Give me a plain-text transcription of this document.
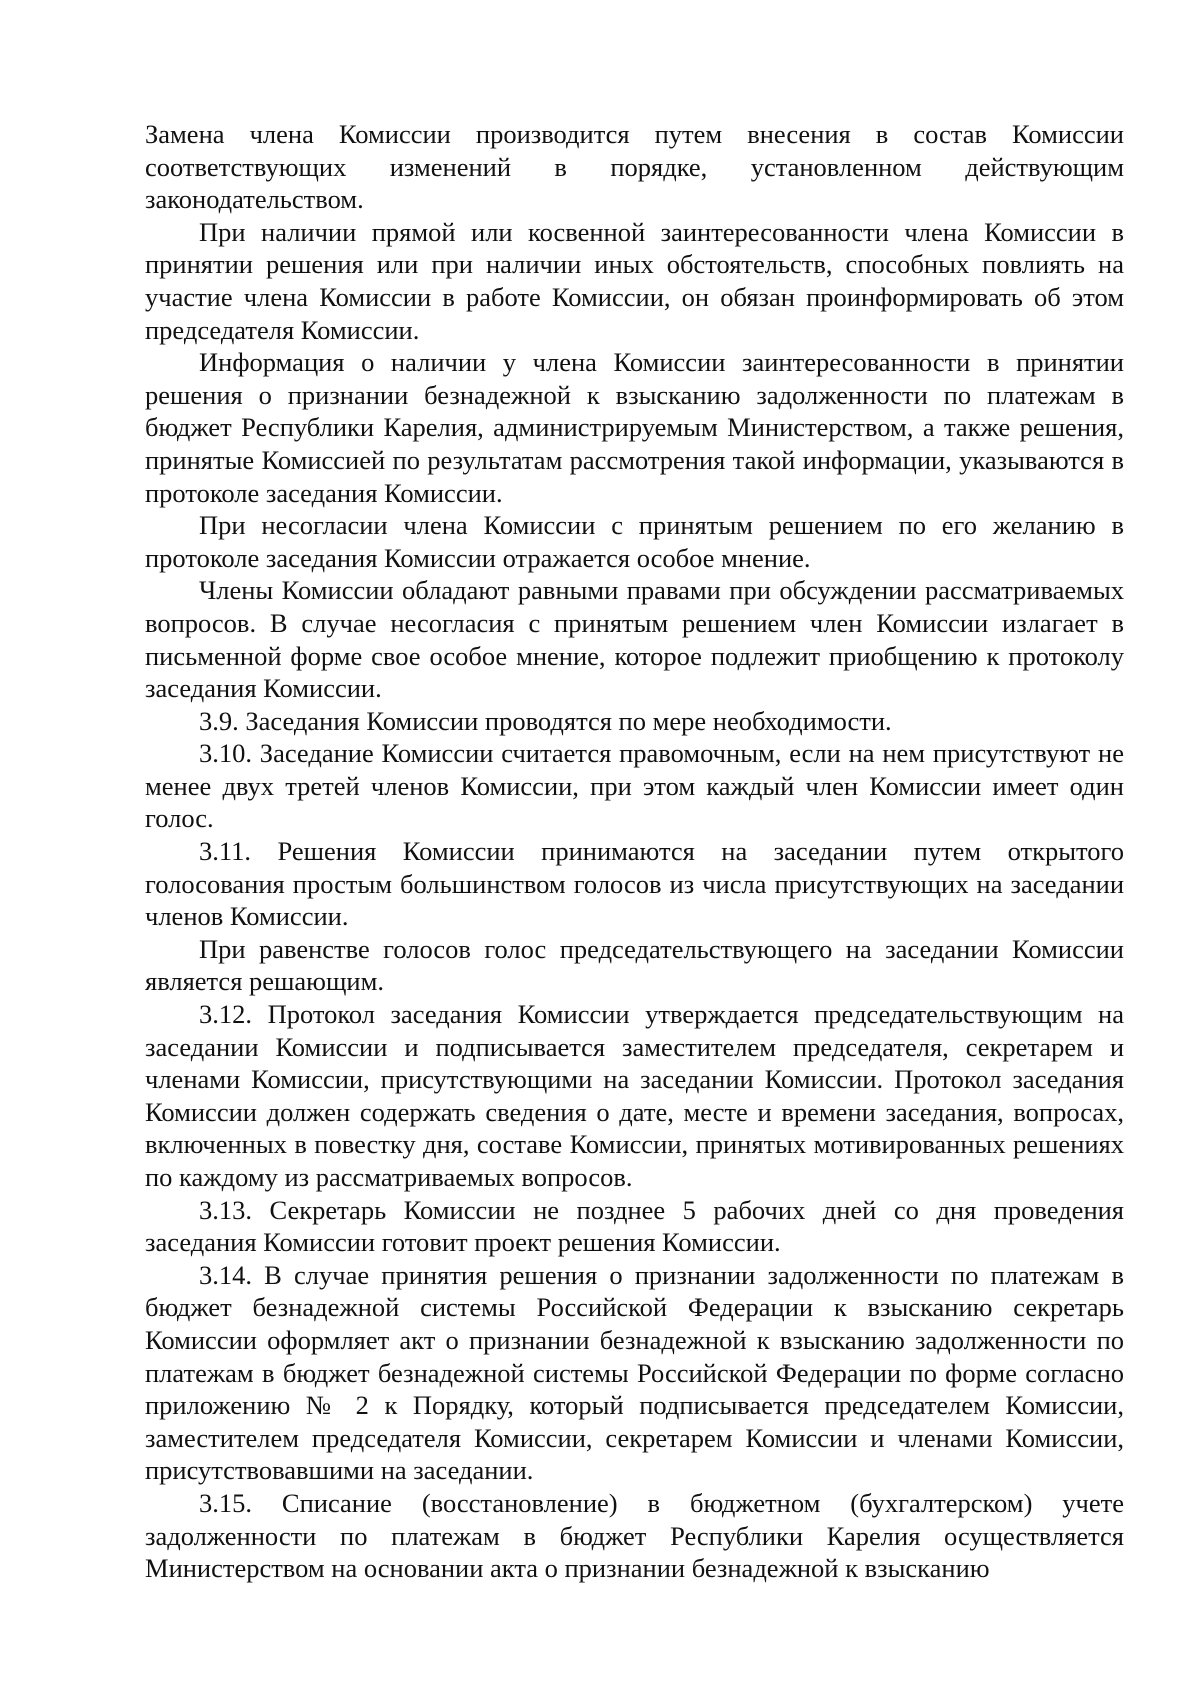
Замена члена Комиссии производится путем внесения в состав Комиссии соответствующих изменений в порядке, установленном действующим законодательством.

При наличии прямой или косвенной заинтересованности члена Комиссии в принятии решения или при наличии иных обстоятельств, способных повлиять на участие члена Комиссии в работе Комиссии, он обязан проинформировать об этом председателя Комиссии.

Информация о наличии у члена Комиссии заинтересованности в принятии решения о признании безнадежной к взысканию задолженности по платежам в бюджет Республики Карелия, администрируемым Министерством, а также решения, принятые Комиссией по результатам рассмотрения такой информации, указываются в протоколе заседания Комиссии.

При несогласии члена Комиссии с принятым решением по его желанию в протоколе заседания Комиссии отражается особое мнение.

Члены Комиссии обладают равными правами при обсуждении рассматриваемых вопросов. В случае несогласия с принятым решением член Комиссии излагает в письменной форме свое особое мнение, которое подлежит приобщению к протоколу заседания Комиссии.

3.9. Заседания Комиссии проводятся по мере необходимости.

3.10. Заседание Комиссии считается правомочным, если на нем присутствуют не менее двух третей членов Комиссии, при этом каждый член Комиссии имеет один голос.

3.11. Решения Комиссии принимаются на заседании путем открытого голосования простым большинством голосов из числа присутствующих на заседании членов Комиссии.

При равенстве голосов голос председательствующего на заседании Комиссии является решающим.

3.12. Протокол заседания Комиссии утверждается председательствующим на заседании Комиссии и подписывается заместителем председателя, секретарем и членами Комиссии, присутствующими на заседании Комиссии. Протокол заседания Комиссии должен содержать сведения о дате, месте и времени заседания, вопросах, включенных в повестку дня, составе Комиссии, принятых мотивированных решениях по каждому из рассматриваемых вопросов.

3.13. Секретарь Комиссии не позднее 5 рабочих дней со дня проведения заседания Комиссии готовит проект решения Комиссии.

3.14. В случае принятия решения о признании задолженности по платежам в бюджет безнадежной системы Российской Федерации к взысканию секретарь Комиссии оформляет акт о признании безнадежной к взысканию задолженности по платежам в бюджет безнадежной системы Российской Федерации по форме согласно приложению № 2 к Порядку, который подписывается председателем Комиссии, заместителем председателя Комиссии, секретарем Комиссии и членами Комиссии, присутствовавшими на заседании.

3.15. Списание (восстановление) в бюджетном (бухгалтерском) учете задолженности по платежам в бюджет Республики Карелия осуществляется Министерством на основании акта о признании безнадежной к взысканию
